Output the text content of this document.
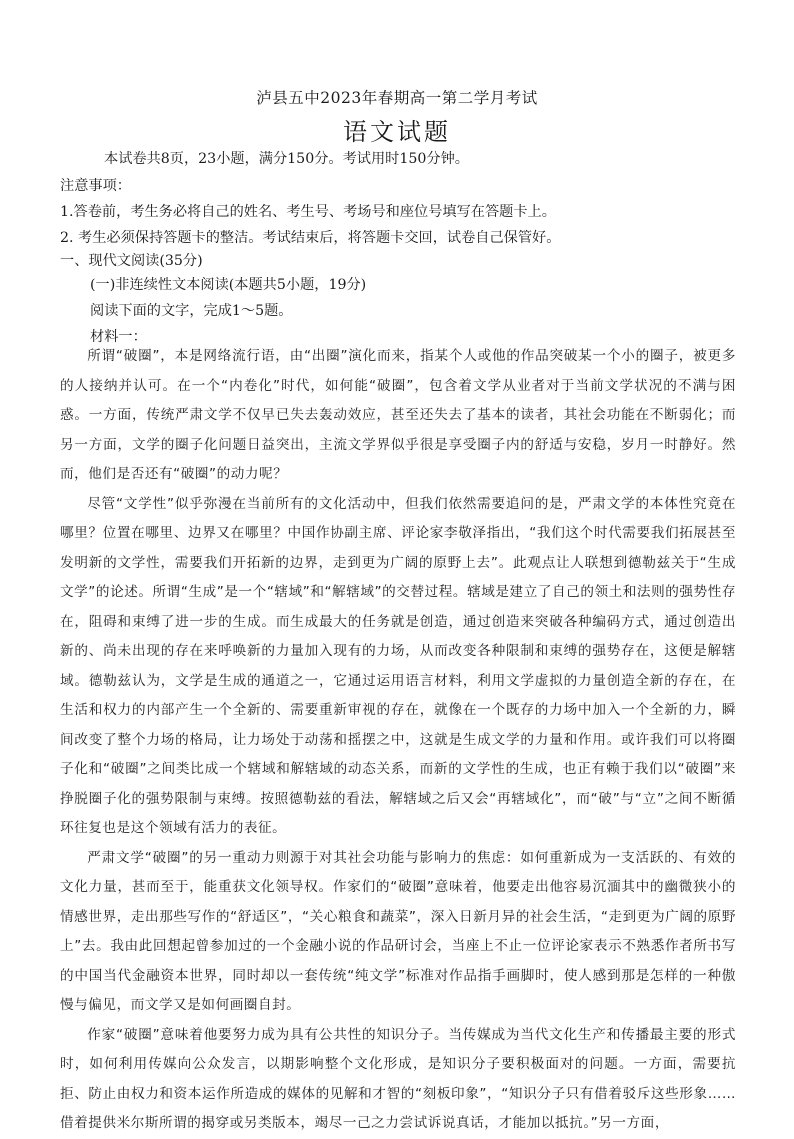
泸县五中2023年春期高一第二学月考试
语文试题
本试卷共8页，23小题，满分150分。考试用时150分钟。
注意事项：
1.答卷前，考生务必将自己的姓名、考生号、考场号和座位号填写在答题卡上。
2. 考生必须保持答题卡的整洁。考试结束后，将答题卡交回，试卷自己保管好。
一、现代文阅读(35分)
(一)非连续性文本阅读(本题共5小题，19分)
阅读下面的文字，完成1～5题。
材料一：

所谓“破圈”，本是网络流行语，由“出圈”演化而来，指某个人或他的作品突破某一个小的圈子，被更多的人接纳并认可。在一个“内卷化”时代，如何能“破圈”，包含着文学从业者对于当前文学状况的不满与困惑。一方面，传统严肃文学不仅早已失去轰动效应，甚至还失去了基本的读者，其社会功能在不断弱化；而另一方面，文学的圈子化问题日益突出，主流文学界似乎很是享受圈子内的舒适与安稳，岁月一时静好。然而，他们是否还有“破圈”的动力呢？

尽管“文学性”似乎弥漫在当前所有的文化活动中，但我们依然需要追问的是，严肃文学的本体性究竟在哪里？位置在哪里、边界又在哪里？中国作协副主席、评论家李敬泽指出，“我们这个时代需要我们拓展甚至发明新的文学性，需要我们开拓新的边界，走到更为广阔的原野上去”。此观点让人联想到德勒兹关于“生成文学”的论述。所谓“生成”是一个“辖域”和“解辖域”的交替过程。辖域是建立了自己的领土和法则的强势性存在，阻碍和束缚了进一步的生成。而生成最大的任务就是创造，通过创造来突破各种编码方式，通过创造出新的、尚未出现的存在来呼唤新的力量加入现有的力场，从而改变各种限制和束缚的强势存在，这便是解辖域。德勒兹认为，文学是生成的通道之一，它通过运用语言材料，利用文学虚拟的力量创造全新的存在，在生活和权力的内部产生一个全新的、需要重新审视的存在，就像在一个既存的力场中加入一个全新的力，瞬间改变了整个力场的格局，让力场处于动荡和摇摆之中，这就是生成文学的力量和作用。或许我们可以将圈子化和“破圈”之间类比成一个辖域和解辖域的动态关系，而新的文学性的生成，也正有赖于我们以“破圈”来挣脱圈子化的强势限制与束缚。按照德勒兹的看法，解辖域之后又会“再辖域化”，而“破”与“立”之间不断循环往复也是这个领域有活力的表征。

严肃文学“破圈”的另一重动力则源于对其社会功能与影响力的焦虑：如何重新成为一支活跃的、有效的文化力量，甚而至于，能重获文化领导权。作家们的“破圈”意味着，他要走出他容易沉湎其中的幽微狭小的情感世界，走出那些写作的“舒适区”，“关心粮食和蔬菜”，深入日新月异的社会生活，“走到更为广阔的原野上”去。我由此回想起曾参加过的一个金融小说的作品研讨会，当座上不止一位评论家表示不熟悉作者所书写的中国当代金融资本世界，同时却以一套传统“纯文学”标准对作品指手画脚时，使人感到那是怎样的一种傲慢与偏见，而文学又是如何画圈自封。

作家“破圈”意味着他要努力成为具有公共性的知识分子。当传媒成为当代文化生产和传播最主要的形式时，如何利用传媒向公众发言，以期影响整个文化形成，是知识分子要积极面对的问题。一方面，需要抗拒、防止由权力和资本运作所造成的媒体的见解和才智的“刻板印象”，“知识分子只有借着驳斥这些形象……借着提供米尔斯所谓的揭穿或另类版本，竭尽一己之力尝试诉说真话，才能加以抵抗。”另一方面，
